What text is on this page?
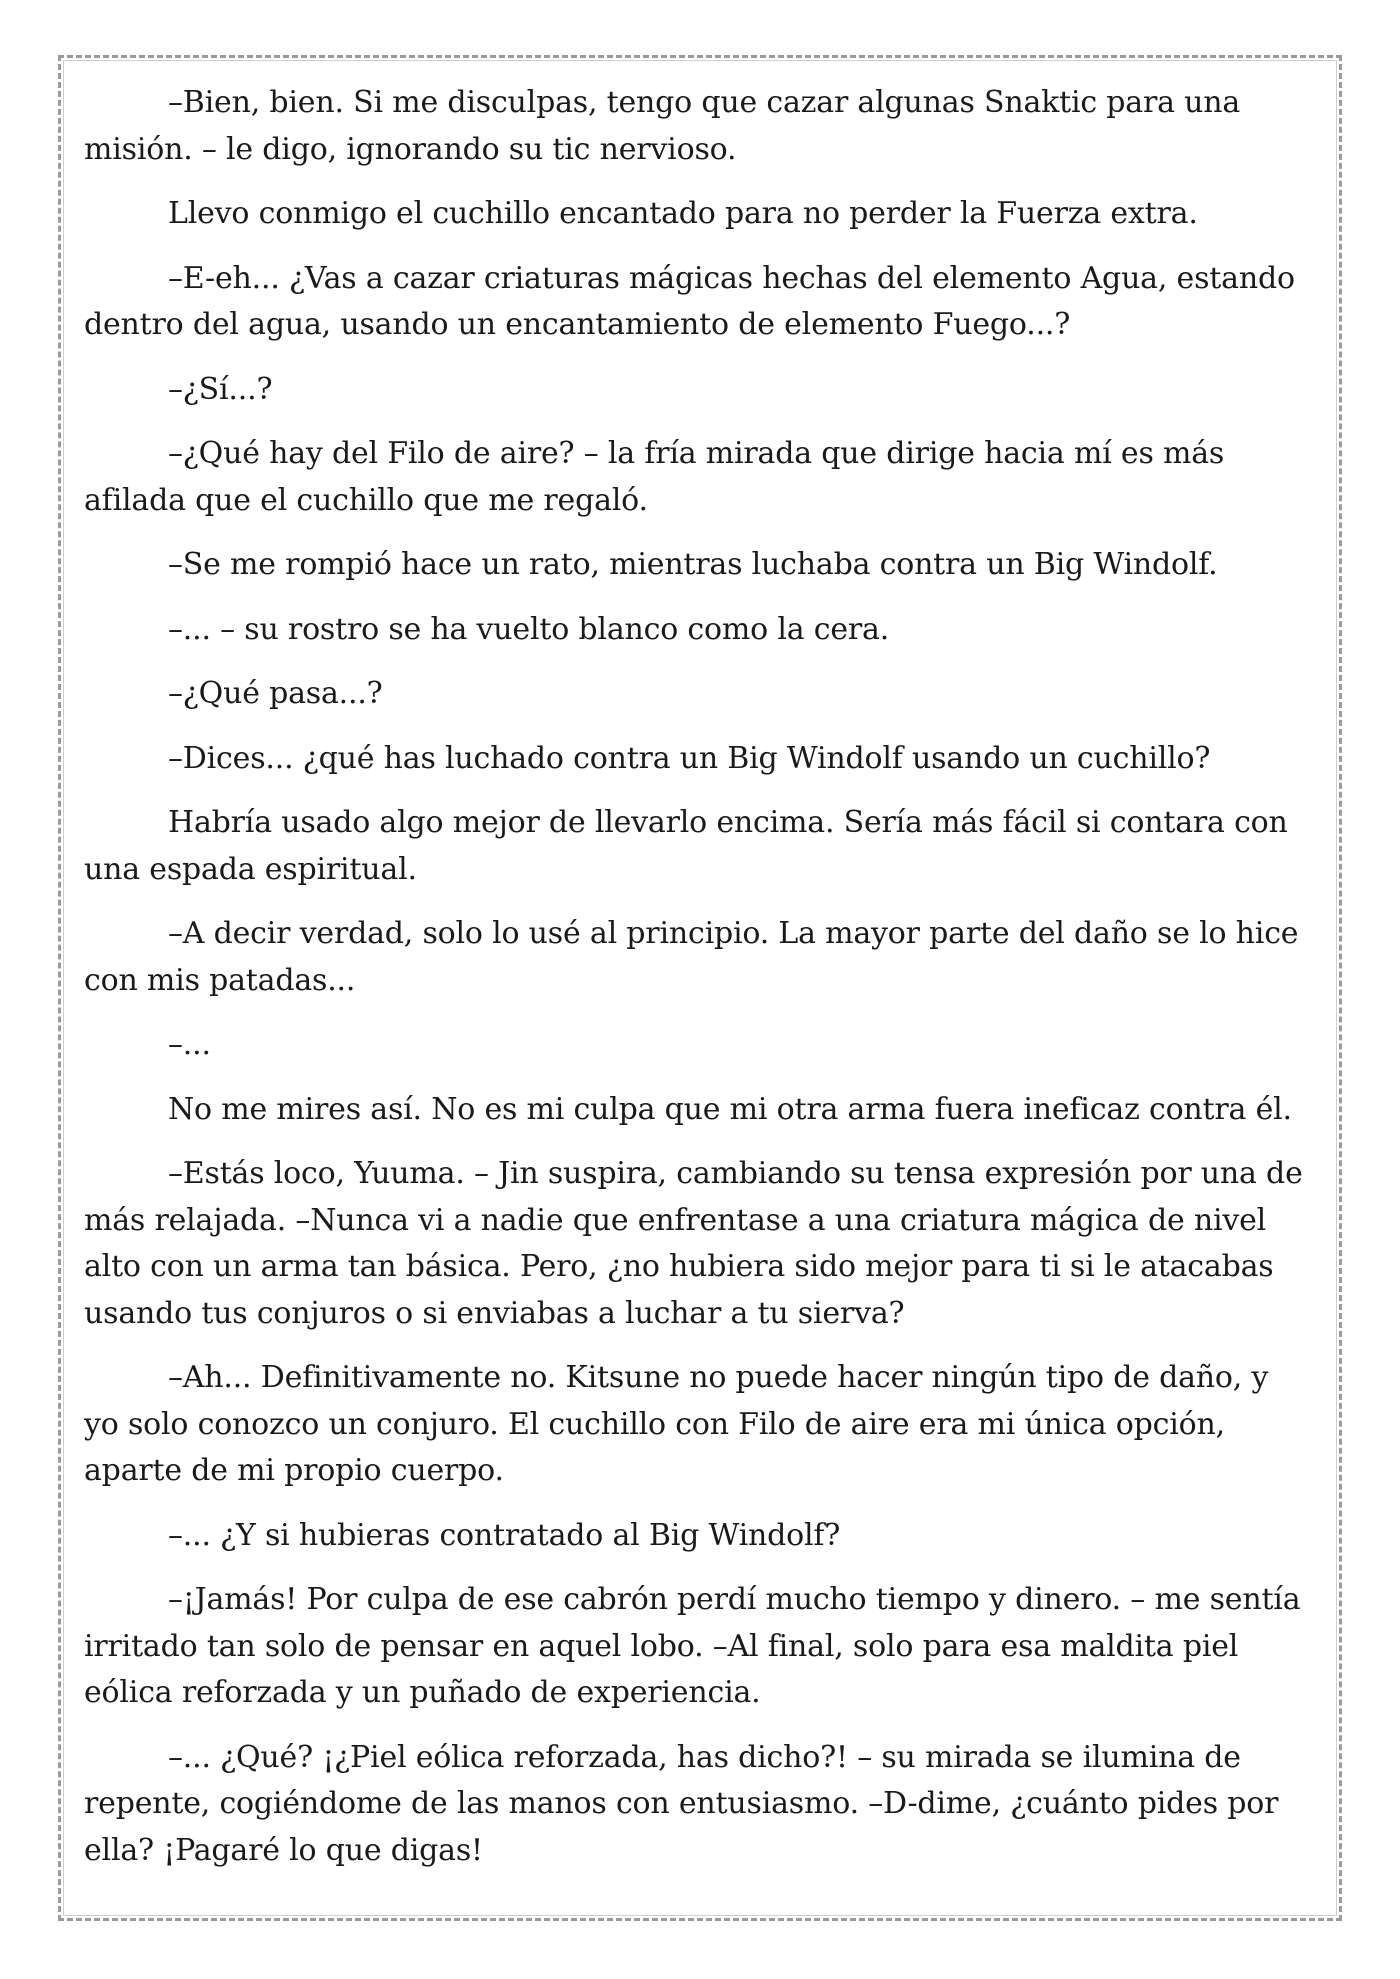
–Bien, bien. Si me disculpas, tengo que cazar algunas Snaktic para una misión. – le digo, ignorando su tic nervioso.

Llevo conmigo el cuchillo encantado para no perder la Fuerza extra.

–E-eh... ¿Vas a cazar criaturas mágicas hechas del elemento Agua, estando dentro del agua, usando un encantamiento de elemento Fuego...?

–¿Sí...?

–¿Qué hay del Filo de aire? – la fría mirada que dirige hacia mí es más afilada que el cuchillo que me regaló.

–Se me rompió hace un rato, mientras luchaba contra un Big Windolf.

–... – su rostro se ha vuelto blanco como la cera.

–¿Qué pasa...?

–Dices... ¿qué has luchado contra un Big Windolf usando un cuchillo?

Habría usado algo mejor de llevarlo encima. Sería más fácil si contara con una espada espiritual.

–A decir verdad, solo lo usé al principio. La mayor parte del daño se lo hice con mis patadas...

–...

No me mires así. No es mi culpa que mi otra arma fuera ineficaz contra él.

–Estás loco, Yuuma. – Jin suspira, cambiando su tensa expresión por una de más relajada. –Nunca vi a nadie que enfrentase a una criatura mágica de nivel alto con un arma tan básica. Pero, ¿no hubiera sido mejor para ti si le atacabas usando tus conjuros o si enviabas a luchar a tu sierva?

–Ah... Definitivamente no. Kitsune no puede hacer ningún tipo de daño, y yo solo conozco un conjuro. El cuchillo con Filo de aire era mi única opción, aparte de mi propio cuerpo.

–... ¿Y si hubieras contratado al Big Windolf?

–¡Jamás! Por culpa de ese cabrón perdí mucho tiempo y dinero. – me sentía irritado tan solo de pensar en aquel lobo. –Al final, solo para esa maldita piel eólica reforzada y un puñado de experiencia.

–... ¿Qué? ¡¿Piel eólica reforzada, has dicho?! – su mirada se ilumina de repente, cogiéndome de las manos con entusiasmo. –D-dime, ¿cuánto pides por ella? ¡Pagaré lo que digas!
